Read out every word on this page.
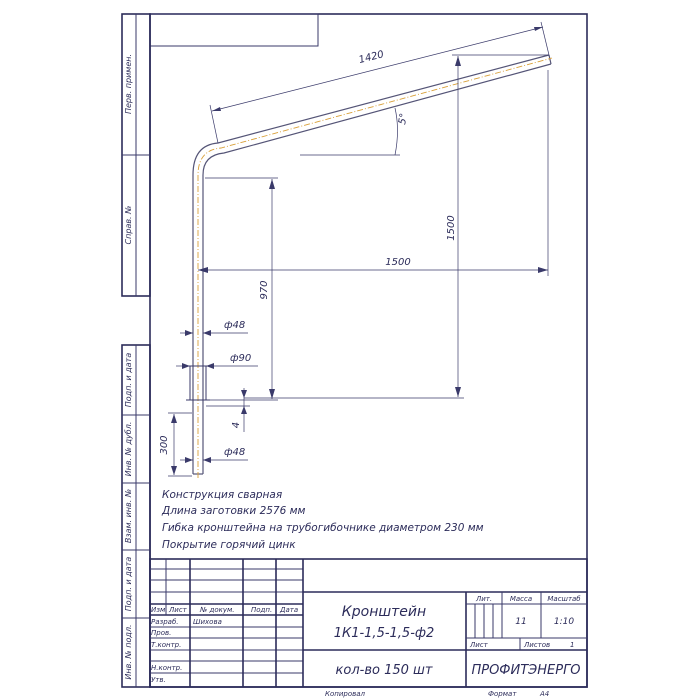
Перв. примен.
Справ. №
Подп. и дата
Инв. № дубл.
Взам. инв. №
Подп. и дата
Инв. № подл.
1420
5°
1500
1500
970
300
ф48
ф90
4
ф48
Конструкция сварная
Длина заготовки 2576 мм
Гибка кронштейна на трубогибочнике диаметром 230 мм
Покрытие горячий цинк
Изм. Лист № докум. Подп. Дата
Разраб. Шихова
Пров.
Т.контр.
Н.контр.
Утв.
Кронштейн
1К1-1,5-1,5-ф2
кол-во 150 шт	ПРОФИТЭНЕРГО
Лит.	Масса Масштаб
11	1:10
Лист	Листов	1
Копировал	Формат	А4
